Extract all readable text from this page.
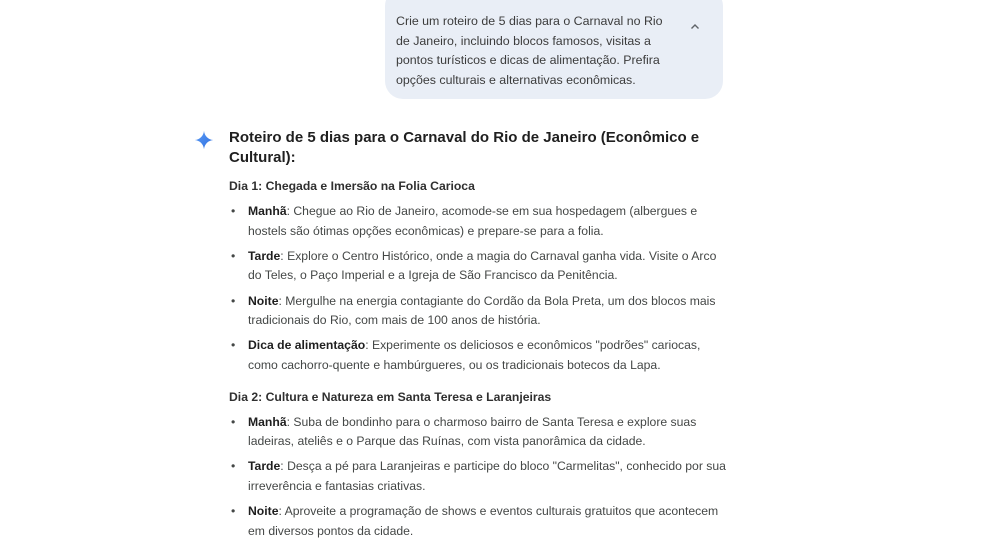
Crie um roteiro de 5 dias para o Carnaval no Rio de Janeiro, incluindo blocos famosos, visitas a pontos turísticos e dicas de alimentação. Prefira opções culturais e alternativas econômicas.

Roteiro de 5 dias para o Carnaval do Rio de Janeiro (Econômico e Cultural):
Dia 1: Chegada e Imersão na Folia Carioca
• Manhã: Chegue ao Rio de Janeiro, acomode-se em sua hospedagem (albergues e hostels são ótimas opções econômicas) e prepare-se para a folia.
• Tarde: Explore o Centro Histórico, onde a magia do Carnaval ganha vida. Visite o Arco do Teles, o Paço Imperial e a Igreja de São Francisco da Penitência.
• Noite: Mergulhe na energia contagiante do Cordão da Bola Preta, um dos blocos mais tradicionais do Rio, com mais de 100 anos de história.
• Dica de alimentação: Experimente os deliciosos e econômicos "podrões" cariocas, como cachorro-quente e hambúrgueres, ou os tradicionais botecos da Lapa.
Dia 2: Cultura e Natureza em Santa Teresa e Laranjeiras
• Manhã: Suba de bondinho para o charmoso bairro de Santa Teresa e explore suas ladeiras, ateliês e o Parque das Ruínas, com vista panorâmica da cidade.
• Tarde: Desça a pé para Laranjeiras e participe do bloco "Carmelitas", conhecido por sua irreverência e fantasias criativas.
• Noite: Aproveite a programação de shows e eventos culturais gratuitos que acontecem em diversos pontos da cidade.
